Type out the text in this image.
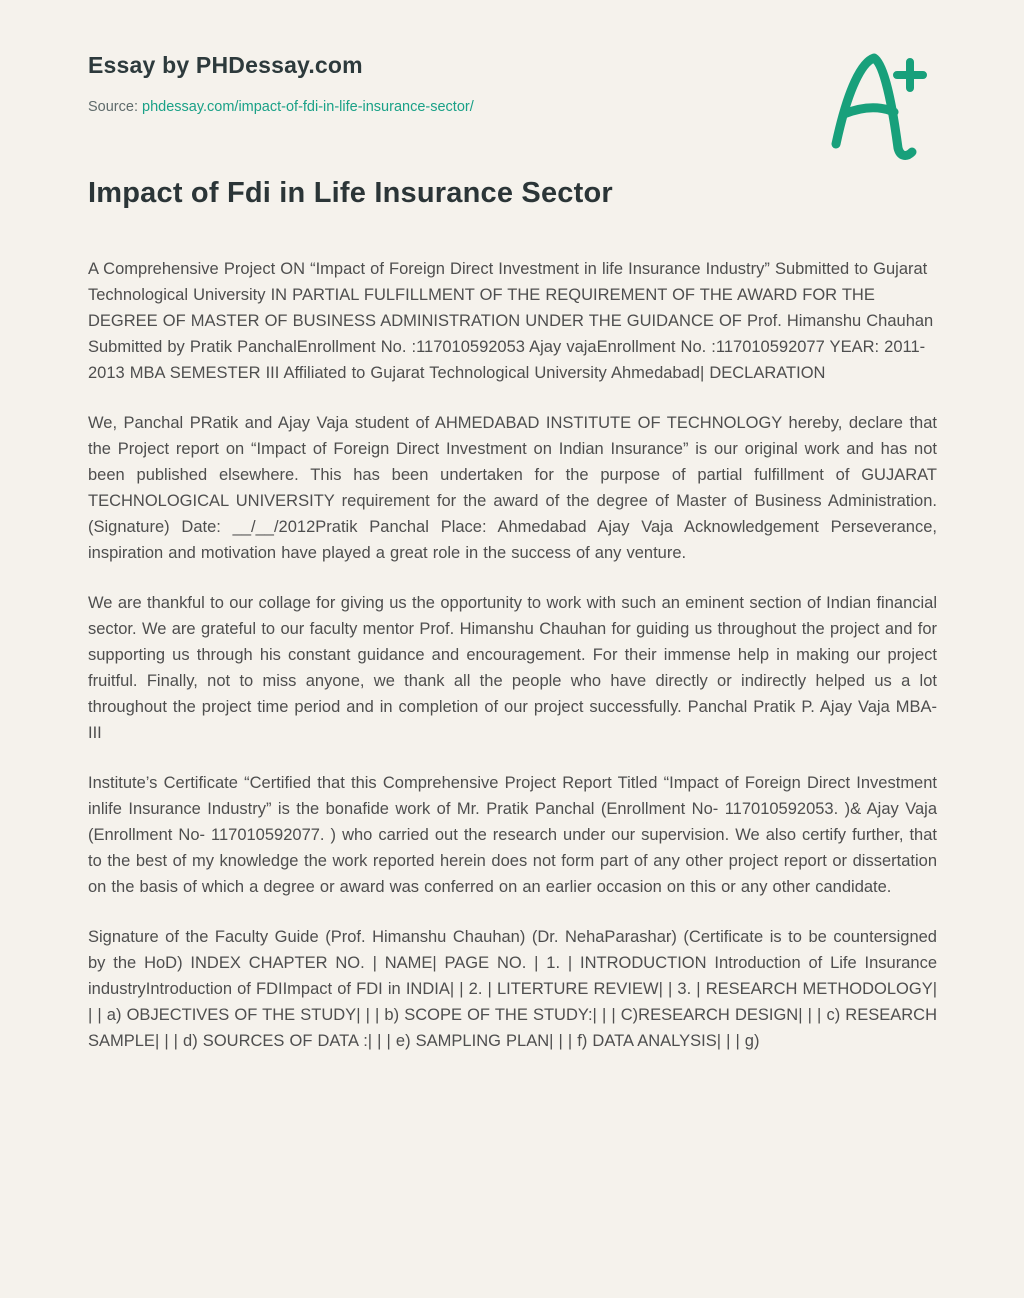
Essay by PHDessay.com
Source: phdessay.com/impact-of-fdi-in-life-insurance-sector/
Impact of Fdi in Life Insurance Sector

A Comprehensive Project ON “Impact of Foreign Direct Investment in life Insurance Industry” Submitted to Gujarat Technological University IN PARTIAL FULFILLMENT OF THE REQUIREMENT OF THE AWARD FOR THE DEGREE OF MASTER OF BUSINESS ADMINISTRATION UNDER THE GUIDANCE OF Prof. Himanshu Chauhan Submitted by Pratik PanchalEnrollment No. :117010592053 Ajay vajaEnrollment No. :117010592077 YEAR: 2011-2013 MBA SEMESTER III Affiliated to Gujarat Technological University Ahmedabad| DECLARATION

We, Panchal PRatik and Ajay Vaja student of AHMEDABAD INSTITUTE OF TECHNOLOGY hereby, declare that the Project report on “Impact of Foreign Direct Investment on Indian Insurance” is our original work and has not been published elsewhere. This has been undertaken for the purpose of partial fulfillment of GUJARAT TECHNOLOGICAL UNIVERSITY requirement for the award of the degree of Master of Business Administration. (Signature) Date: __/__/2012Pratik Panchal Place: Ahmedabad Ajay Vaja Acknowledgement Perseverance, inspiration and motivation have played a great role in the success of any venture.

We are thankful to our collage for giving us the opportunity to work with such an eminent section of Indian financial sector. We are grateful to our faculty mentor Prof. Himanshu Chauhan for guiding us throughout the project and for supporting us through his constant guidance and encouragement. For their immense help in making our project fruitful. Finally, not to miss anyone, we thank all the people who have directly or indirectly helped us a lot throughout the project time period and in completion of our project successfully. Panchal Pratik P. Ajay Vaja MBA- III

Institute’s Certificate “Certified that this Comprehensive Project Report Titled “Impact of Foreign Direct Investment inlife Insurance Industry” is the bonafide work of Mr. Pratik Panchal (Enrollment No- 117010592053. )& Ajay Vaja (Enrollment No- 117010592077. ) who carried out the research under our supervision. We also certify further, that to the best of my knowledge the work reported herein does not form part of any other project report or dissertation on the basis of which a degree or award was conferred on an earlier occasion on this or any other candidate.

Signature of the Faculty Guide (Prof. Himanshu Chauhan) (Dr. NehaParashar) (Certificate is to be countersigned by the HoD) INDEX CHAPTER NO. | NAME| PAGE NO. | 1. | INTRODUCTION Introduction of Life Insurance industryIntroduction of FDIImpact of FDI in INDIA| | 2. | LITERTURE REVIEW| | 3. | RESEARCH METHODOLOGY| | | a) OBJECTIVES OF THE STUDY| | | b) SCOPE OF THE STUDY:| | | C)RESEARCH DESIGN| | | c) RESEARCH SAMPLE| | | d) SOURCES OF DATA :| | | e) SAMPLING PLAN| | | f) DATA ANALYSIS| | | g)
